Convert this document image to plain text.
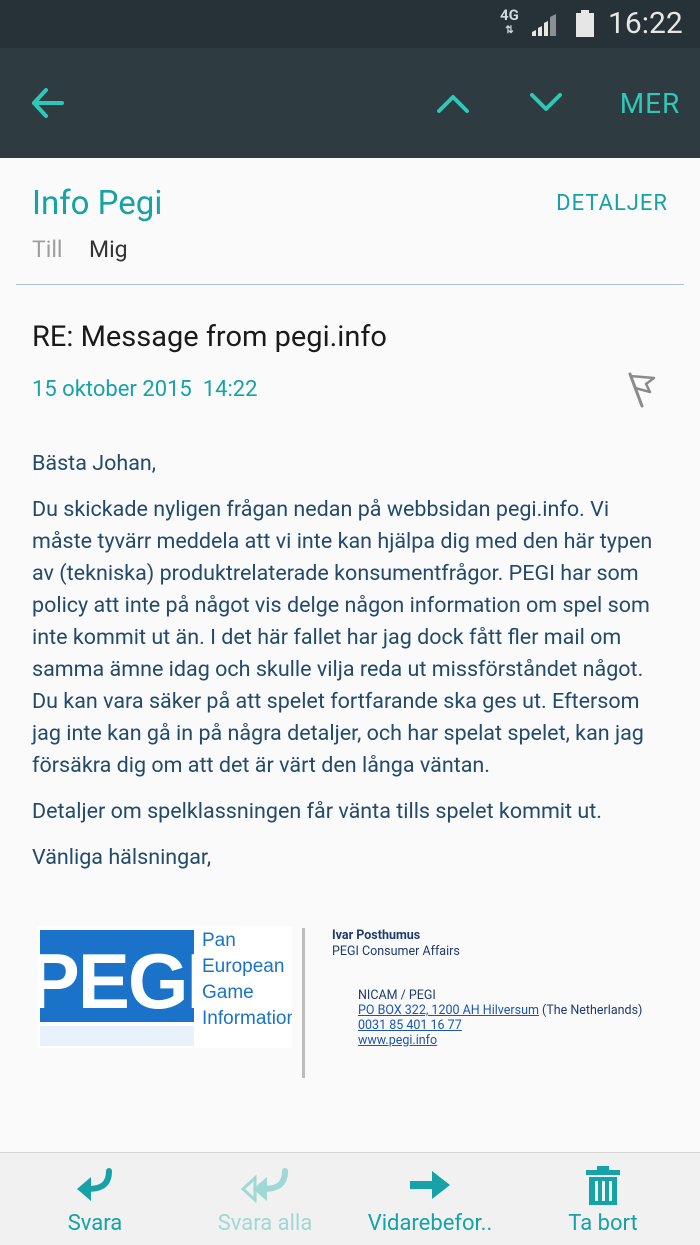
4G
⇅	16:22
MER
Info Pegi	DETALJER
Till Mig
RE: Message from pegi.info
15 oktober 2015  14:22

Bästa Johan,

Du skickade nyligen frågan nedan på webbsidan pegi.info. Vi måste tyvärr meddela att vi inte kan hjälpa dig med den här typen av (tekniska) produktrelaterade konsumentfrågor. PEGI har som policy att inte på något vis delge någon information om spel som inte kommit ut än. I det här fallet har jag dock fått fler mail om samma ämne idag och skulle vilja reda ut missförståndet något. Du kan vara säker på att spelet fortfarande ska ges ut. Eftersom jag inte kan gå in på några detaljer, och har spelat spelet, kan jag försäkra dig om att det är värt den långa väntan.

Detaljer om spelklassningen får vänta tills spelet kommit ut.

Vänliga hälsningar,

PEGI
Pan
European
Game
Information
Ivar Posthumus
PEGI Consumer Affairs
NICAM / PEGI
PO BOX 322, 1200 AH Hilversum (The Netherlands)
0031 85 401 16 77
www.pegi.info
Svara	Svara alla	Vidarebefor..	Ta bort
